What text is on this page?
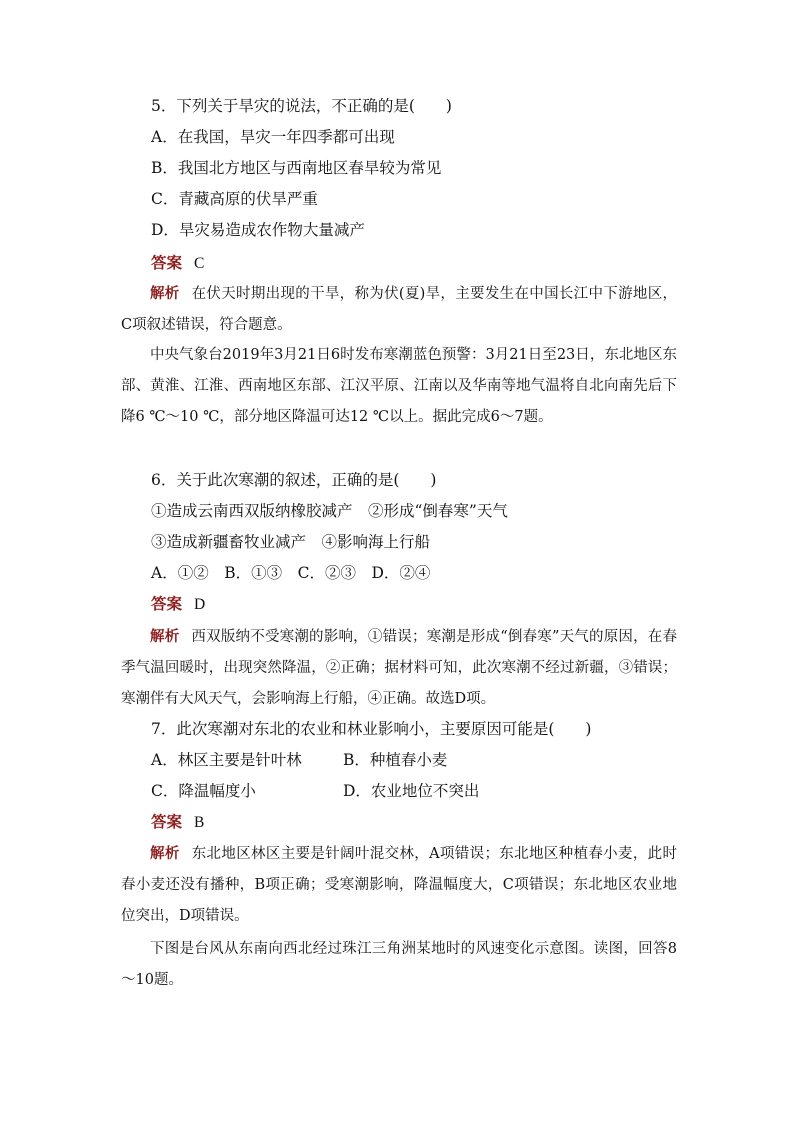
5．下列关于旱灾的说法，不正确的是(　　)
A．在我国，旱灾一年四季都可出现
B．我国北方地区与西南地区春旱较为常见
C．青藏高原的伏旱严重
D．旱灾易造成农作物大量减产
答案 C
解析 在伏天时期出现的干旱，称为伏(夏)旱，主要发生在中国长江中下游地区，C项叙述错误，符合题意。
中央气象台2019年3月21日6时发布寒潮蓝色预警：3月21日至23日，东北地区东部、黄淮、江淮、西南地区东部、江汉平原、江南以及华南等地气温将自北向南先后下降6 ℃～10 ℃，部分地区降温可达12 ℃以上。据此完成6～7题。
6．关于此次寒潮的叙述，正确的是(　　)
①造成云南西双版纳橡胶减产　②形成“倒春寒”天气
③造成新疆畜牧业减产　④影响海上行船
A．①②　B．①③　C．②③　D．②④
答案 D
解析 西双版纳不受寒潮的影响，①错误；寒潮是形成“倒春寒”天气的原因，在春季气温回暖时，出现突然降温，②正确；据材料可知，此次寒潮不经过新疆，③错误；寒潮伴有大风天气，会影响海上行船，④正确。故选D项。
7．此次寒潮对东北的农业和林业影响小，主要原因可能是(　　)
A．林区主要是针叶林	B．种植春小麦
C．降温幅度小	D．农业地位不突出
答案 B
解析 东北地区林区主要是针阔叶混交林，A项错误；东北地区种植春小麦，此时春小麦还没有播种，B项正确；受寒潮影响，降温幅度大，C项错误；东北地区农业地位突出，D项错误。
下图是台风从东南向西北经过珠江三角洲某地时的风速变化示意图。读图，回答8～10题。
